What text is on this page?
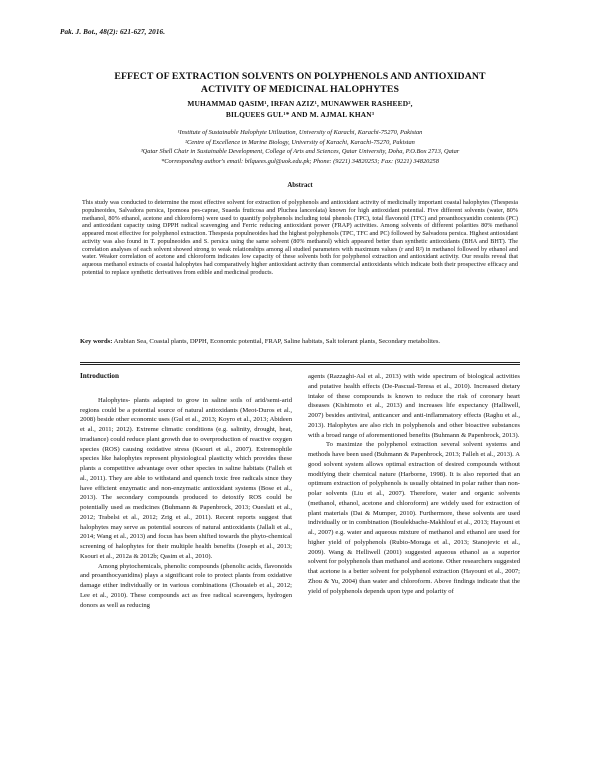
Pak. J. Bot., 48(2): 621-627, 2016.
EFFECT OF EXTRACTION SOLVENTS ON POLYPHENOLS AND ANTIOXIDANT
ACTIVITY OF MEDICINAL HALOPHYTES
MUHAMMAD QASIM¹, IRFAN AZIZ¹, MUNAWWER RASHEED²,
BILQUEES GUL¹* AND M. AJMAL KHAN³
¹Institute of Sustainable Halophyte Utilization, University of Karachi, Karachi-75270, Pakistan
²Centre of Excellence in Marine Biology, University of Karachi, Karachi-75270, Pakistan
³Qatar Shell Chair in Sustainable Development, College of Arts and Sciences, Qatar University, Doha, P.O.Box 2713, Qatar
*Corresponding author's email: bilquees.gul@uok.edu.pk; Phone: (9221) 34820253; Fax: (9221) 34820258
Abstract
This study was conducted to determine the most effective solvent for extraction of polyphenols and antioxidant activity of medicinally important coastal halophytes (Thespesia populneoides, Salvadora persica, Ipomoea pes-caprae, Suaeda fruticosa and Pluchea lanceolata) known for high antioxidant potential. Five different solvents (water, 80% methanol, 80% ethanol, acetone and chloroform) were used to quantify polyphenols including total phenols (TPC), total flavonoid (TFC) and proanthocyanidin contents (PC) and antioxidant capacity using DPPH radical scavenging and Ferric reducing antioxidant power (FRAP) activities. Among solvents of different polarities 80% methanol appeared most effective for polyphenol extraction. Thespesia populneoides had the highest polyphenols (TPC, TFC and PC) followed by Salvadora persica. Highest antioxidant activity was also found in T. populneoides and S. persica using the same solvent (80% methanol) which appeared better than synthetic antioxidants (BHA and BHT). The correlation analyses of each solvent showed strong to weak relationships among all studied parameters with maximum values (r and R²) in methanol followed by ethanol and water. Weaker correlation of acetone and chloroform indicates low capacity of these solvents both for polyphenol extraction and antioxidant activity. Our results reveal that aqueous methanol extracts of coastal halophytes had comparatively higher antioxidant activity than commercial antioxidants which indicate both their prospective efficacy and potential to replace synthetic derivatives from edible and medicinal products.
Key words: Arabian Sea, Coastal plants, DPPH, Economic potential, FRAP, Saline habitats, Salt tolerant plants, Secondary metabolites.
Introduction

Halophytes- plants adapted to grow in saline soils of arid/semi-arid regions could be a potential source of natural antioxidants (Meot-Duros et al., 2008) beside other economic uses (Gul et al., 2013; Koyro et al., 2013; Abideen et al., 2011; 2012). Extreme climatic conditions (e.g. salinity, drought, heat, irradiance) could reduce plant growth due to overproduction of reactive oxygen species (ROS) causing oxidative stress (Ksouri et al., 2007). Extremophile species like halophytes represent physiological plasticity which provides these plants a competitive advantage over other species in saline habitats (Falleh et al., 2011). They are able to withstand and quench toxic free radicals since they have efficient enzymatic and non-enzymatic antioxidant systems (Bose et al., 2013). The secondary compounds produced to detoxify ROS could be potentially used as medicines (Buhmann & Papenbrock, 2013; Oueslati et al., 2012; Trabelsi et al., 2012; Zrig et al., 2011). Recent reports suggest that halophytes may serve as potential sources of natural antioxidants (Jallali et al., 2014; Wang et al., 2013) and focus has been shifted towards the phyto-chemical screening of halophytes for their multiple health benefits (Joseph et al., 2013; Ksouri et al., 2012a & 2012b; Qasim et al., 2010).

Among phytochemicals, phenolic compounds (phenolic acids, flavonoids and proanthocyanidins) plays a significant role to protect plants from oxidative damage either individually or in various combinations (Chouaieb et al., 2012; Lee et al., 2010). These compounds act as free radical scavengers, hydrogen donors as well as reducing

agents (Razzaghi-Asl et al., 2013) with wide spectrum of biological activities and putative health effects (De-Pascual-Teresa et al., 2010). Increased dietary intake of these compounds is known to reduce the risk of coronary heart diseases (Kishimoto et al., 2013) and increases life expectancy (Halliwell, 2007) besides antiviral, anticancer and anti-inflammatory effects (Raghu et al., 2013). Halophytes are also rich in polyphenols and other bioactive substances with a broad range of aforementioned benefits (Buhmann & Papenbrock, 2013).

To maximize the polyphenol extraction several solvent systems and methods have been used (Buhmann & Papenbrock, 2013; Falleh et al., 2013). A good solvent system allows optimal extraction of desired compounds without modifying their chemical nature (Harborne, 1998). It is also reported that an optimum extraction of polyphenols is usually obtained in polar rather than non-polar solvents (Liu et al., 2007). Therefore, water and organic solvents (methanol, ethanol, acetone and chloroform) are widely used for extraction of plant materials (Dai & Mumper, 2010). Furthermore, these solvents are used individually or in combination (Boulekbache-Makhlouf et al., 2013; Hayouni et al., 2007) e.g. water and aqueous mixture of methanol and ethanol are used for higher yield of polyphenols (Rubio-Moraga et al., 2013; Stanojevic et al., 2009). Wang & Helliwell (2001) suggested aqueous ethanol as a superior solvent for polyphenols than methanol and acetone. Other researchers suggested that acetone is a better solvent for polyphenol extraction (Hayouni et al., 2007; Zhou & Yu, 2004) than water and chloroform. Above findings indicate that the yield of polyphenols depends upon type and polarity of
